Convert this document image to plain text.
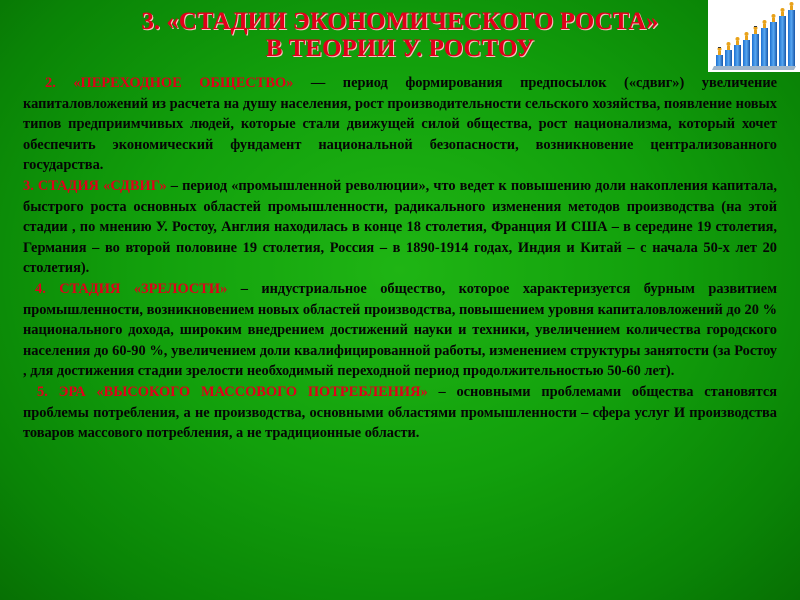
3. «СТАДИИ ЭКОНОМИЧЕСКОГО РОСТА»
В ТЕОРИИ У. РОСТОУ

2. «ПЕРЕХОДНОЕ ОБЩЕСТВО» — период формирования предпосылок («сдвиг») увеличение капиталовложений из расчета на душу населения, рост производительности сельского хозяйства, появление новых типов предприимчивых людей, которые стали движущей силой общества, рост национализма, который хочет обеспечить экономический фундамент национальной безопасности, возникновение централизованного государства.

3. СТАДИЯ «СДВИГ» – период «промышленной революции», что ведет к повышению доли накопления капитала, быстрого роста основных областей промышленности, радикального изменения методов производства (на этой стадии , по мнению У. Ростоу, Англия находилась в конце 18 столетия, Франция И США – в середине 19 столетия, Германия – во второй половине 19 столетия, Россия – в 1890-1914 годах, Индия и Китай – с начала 50-х лет 20 столетия).

4. СТАДИЯ «ЗРЕЛОСТИ» – индустриальное общество, которое характеризуется бурным развитием промышленности, возникновением новых областей производства, повышением уровня капиталовложений до 20 % национального дохода, широким внедрением достижений науки и техники, увеличением количества городского населения до 60-90 %, увеличением доли квалифицированной работы, изменением структуры занятости (за Ростоу , для достижения стадии зрелости необходимый переходной период продолжительностью 50-60 лет).

5. ЭРА «ВЫСОКОГО МАССОВОГО ПОТРЕБЛЕНИЯ» – основными проблемами общества становятся проблемы потребления, а не производства, основными областями промышленности – сфера услуг И производства товаров массового потребления, а не традиционные области.
